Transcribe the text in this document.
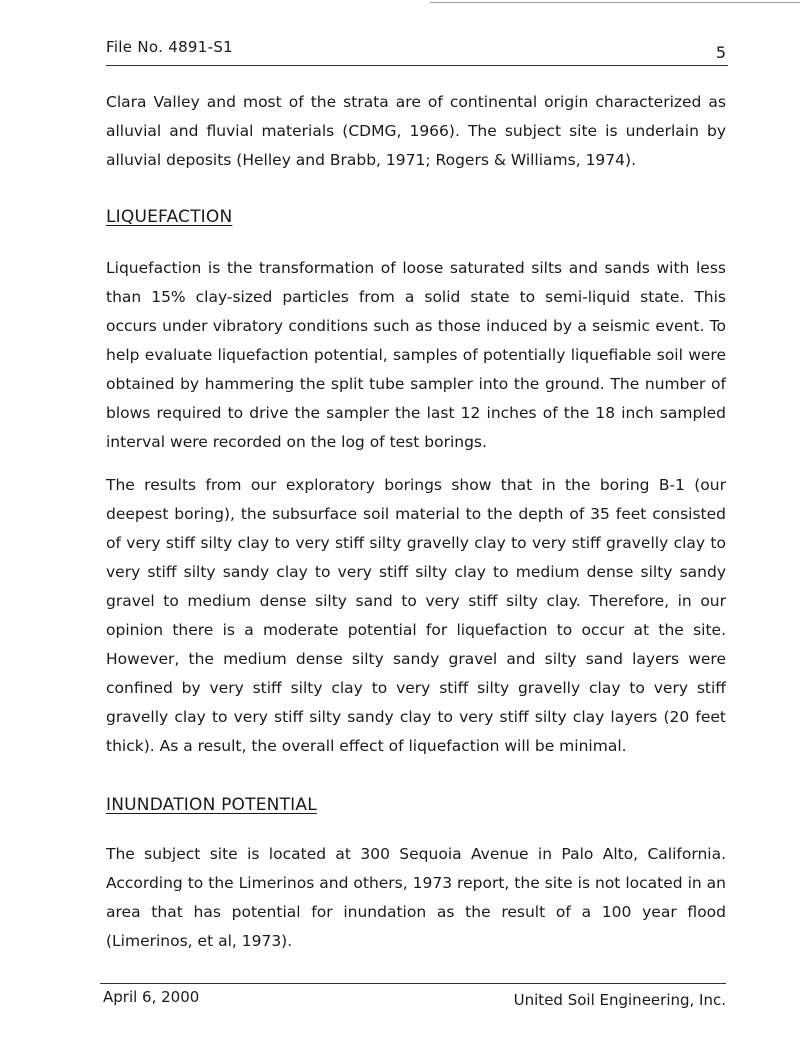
File No. 4891-S1	5

Clara Valley and most of the strata are of continental origin characterized as alluvial and fluvial materials (CDMG, 1966). The subject site is underlain by alluvial deposits (Helley and Brabb, 1971; Rogers & Williams, 1974).

LIQUEFACTION

Liquefaction is the transformation of loose saturated silts and sands with less than 15% clay-sized particles from a solid state to semi-liquid state. This occurs under vibratory conditions such as those induced by a seismic event. To help evaluate liquefaction potential, samples of potentially liquefiable soil were obtained by hammering the split tube sampler into the ground. The number of blows required to drive the sampler the last 12 inches of the 18 inch sampled interval were recorded on the log of test borings.

The results from our exploratory borings show that in the boring B-1 (our deepest boring), the subsurface soil material to the depth of 35 feet consisted of very stiff silty clay to very stiff silty gravelly clay to very stiff gravelly clay to very stiff silty sandy clay to very stiff silty clay to medium dense silty sandy gravel to medium dense silty sand to very stiff silty clay. Therefore, in our opinion there is a moderate potential for liquefaction to occur at the site. However, the medium dense silty sandy gravel and silty sand layers were confined by very stiff silty clay to very stiff silty gravelly clay to very stiff gravelly clay to very stiff silty sandy clay to very stiff silty clay layers (20 feet thick). As a result, the overall effect of liquefaction will be minimal.

INUNDATION POTENTIAL

The subject site is located at 300 Sequoia Avenue in Palo Alto, California. According to the Limerinos and others, 1973 report, the site is not located in an area that has potential for inundation as the result of a 100 year flood (Limerinos, et al, 1973).

April 6, 2000	United Soil Engineering, Inc.
